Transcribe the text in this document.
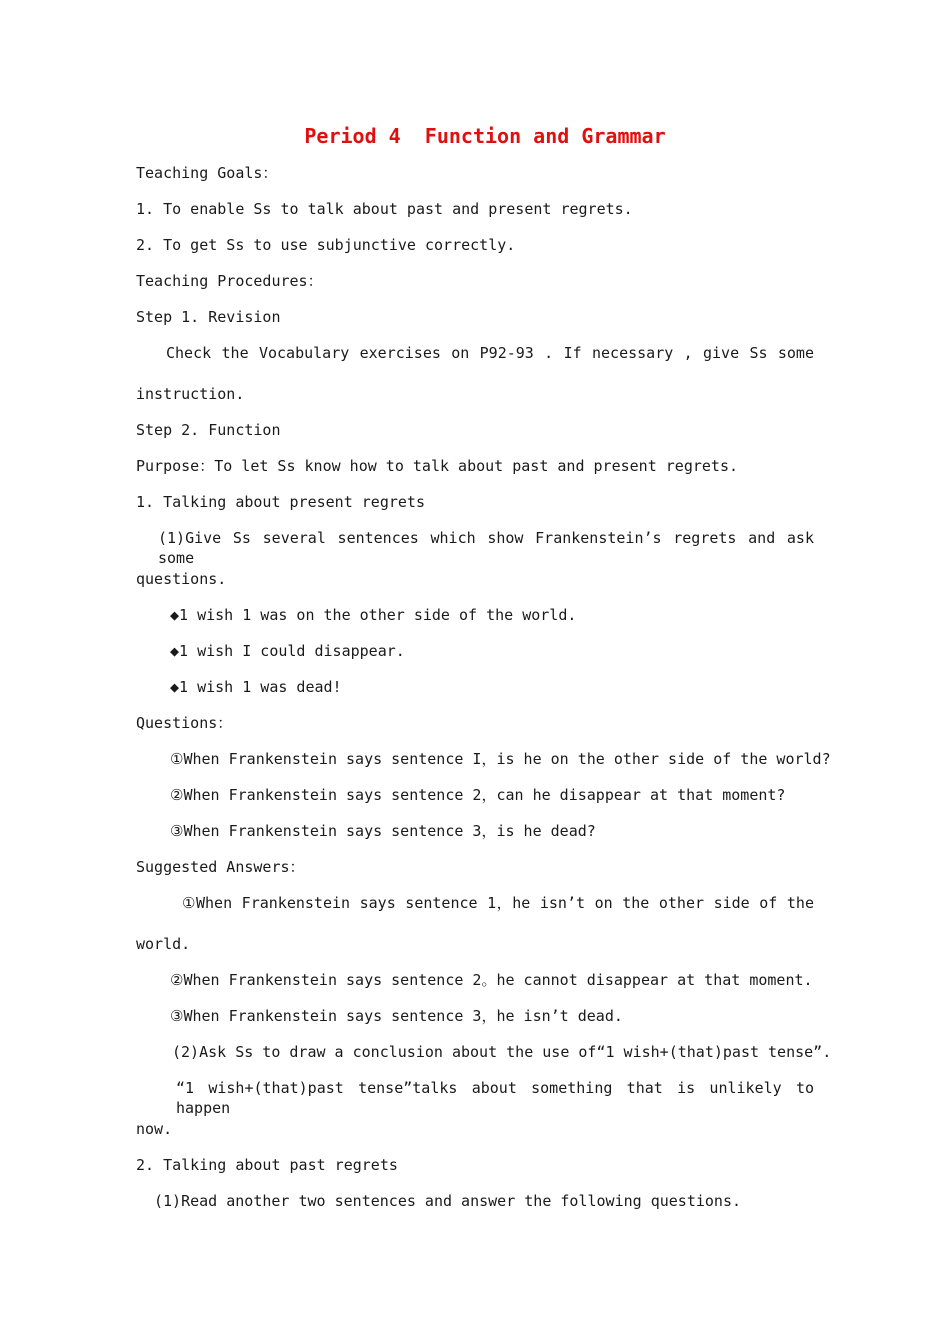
Period 4  Function and Grammar
Teaching Goals：
1. To enable Ss to talk about past and present regrets.
2. To get Ss to use subjunctive correctly.
Teaching Procedures：
Step 1. Revision
Check the Vocabulary exercises on P92-93 . If necessary , give Ss some
instruction.
Step 2. Function
Purpose：To let Ss know how to talk about past and present regrets.
1. Talking about present regrets
(1)Give Ss several sentences which show Frankenstein’s regrets and ask some
questions.
◆1 wish 1 was on the other side of the world.
◆1 wish I could disappear.
◆1 wish 1 was dead!
Questions：
①When Frankenstein says sentence I，is he on the other side of the world?
②When Frankenstein says sentence 2，can he disappear at that moment?
③When Frankenstein says sentence 3，is he dead?
Suggested Answers：
①When Frankenstein says sentence 1，he isn’t on the other side of the
world.
②When Frankenstein says sentence 2。he cannot disappear at that moment.
③When Frankenstein says sentence 3，he isn’t dead.
(2)Ask Ss to draw a conclusion about the use of“1 wish+(that)past tense”.
“1 wish+(that)past tense”talks about something that is unlikely to happen
now.
2. Talking about past regrets
(1)Read another two sentences and answer the following questions.
